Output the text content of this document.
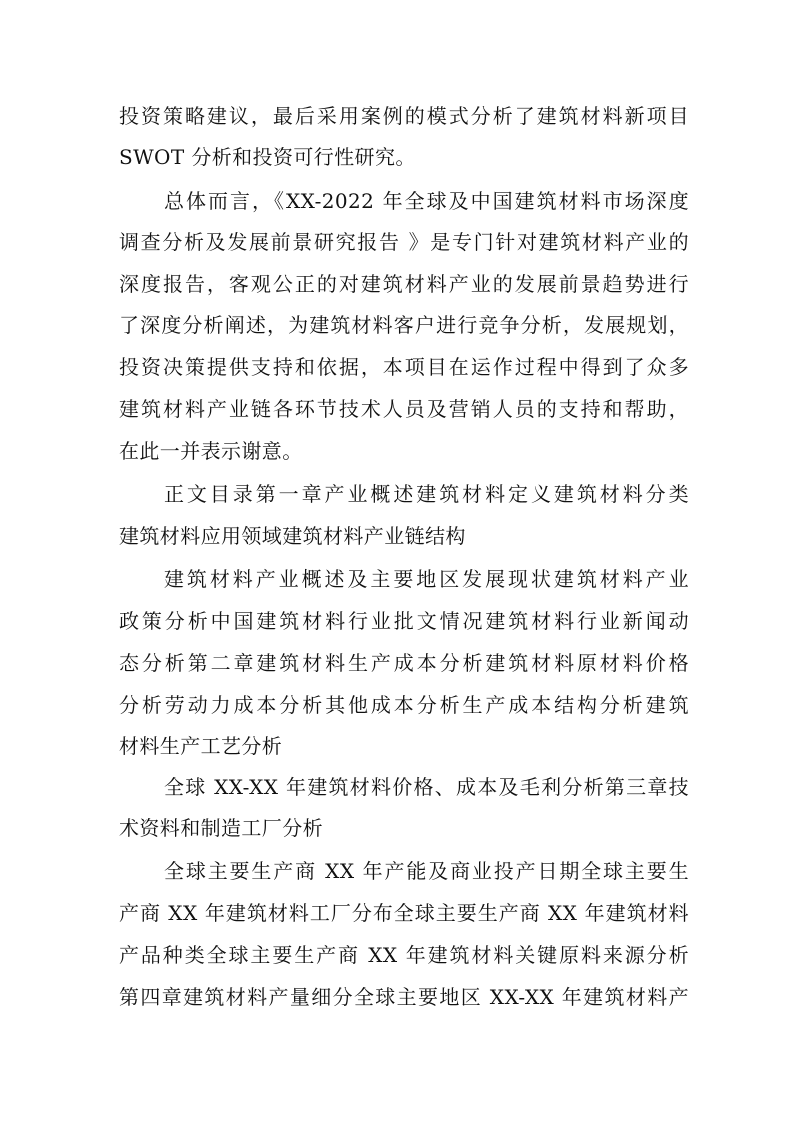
投资策略建议，最后采用案例的模式分析了建筑材料新项目
SWOT 分析和投资可行性研究。
总体而言，《XX-2022 年全球及中国建筑材料市场深度
调查分析及发展前景研究报告 》是专门针对建筑材料产业的
深度报告，客观公正的对建筑材料产业的发展前景趋势进行
了深度分析阐述，为建筑材料客户进行竞争分析，发展规划，
投资决策提供支持和依据，本项目在运作过程中得到了众多
建筑材料产业链各环节技术人员及营销人员的支持和帮助，
在此一并表示谢意。
正文目录第一章产业概述建筑材料定义建筑材料分类
建筑材料应用领域建筑材料产业链结构
建筑材料产业概述及主要地区发展现状建筑材料产业
政策分析中国建筑材料行业批文情况建筑材料行业新闻动
态分析第二章建筑材料生产成本分析建筑材料原材料价格
分析劳动力成本分析其他成本分析生产成本结构分析建筑
材料生产工艺分析
全球 XX-XX 年建筑材料价格、成本及毛利分析第三章技
术资料和制造工厂分析
全球主要生产商 XX 年产能及商业投产日期全球主要生
产商 XX 年建筑材料工厂分布全球主要生产商 XX 年建筑材料
产品种类全球主要生产商 XX 年建筑材料关键原料来源分析
第四章建筑材料产量细分全球主要地区 XX-XX 年建筑材料产
